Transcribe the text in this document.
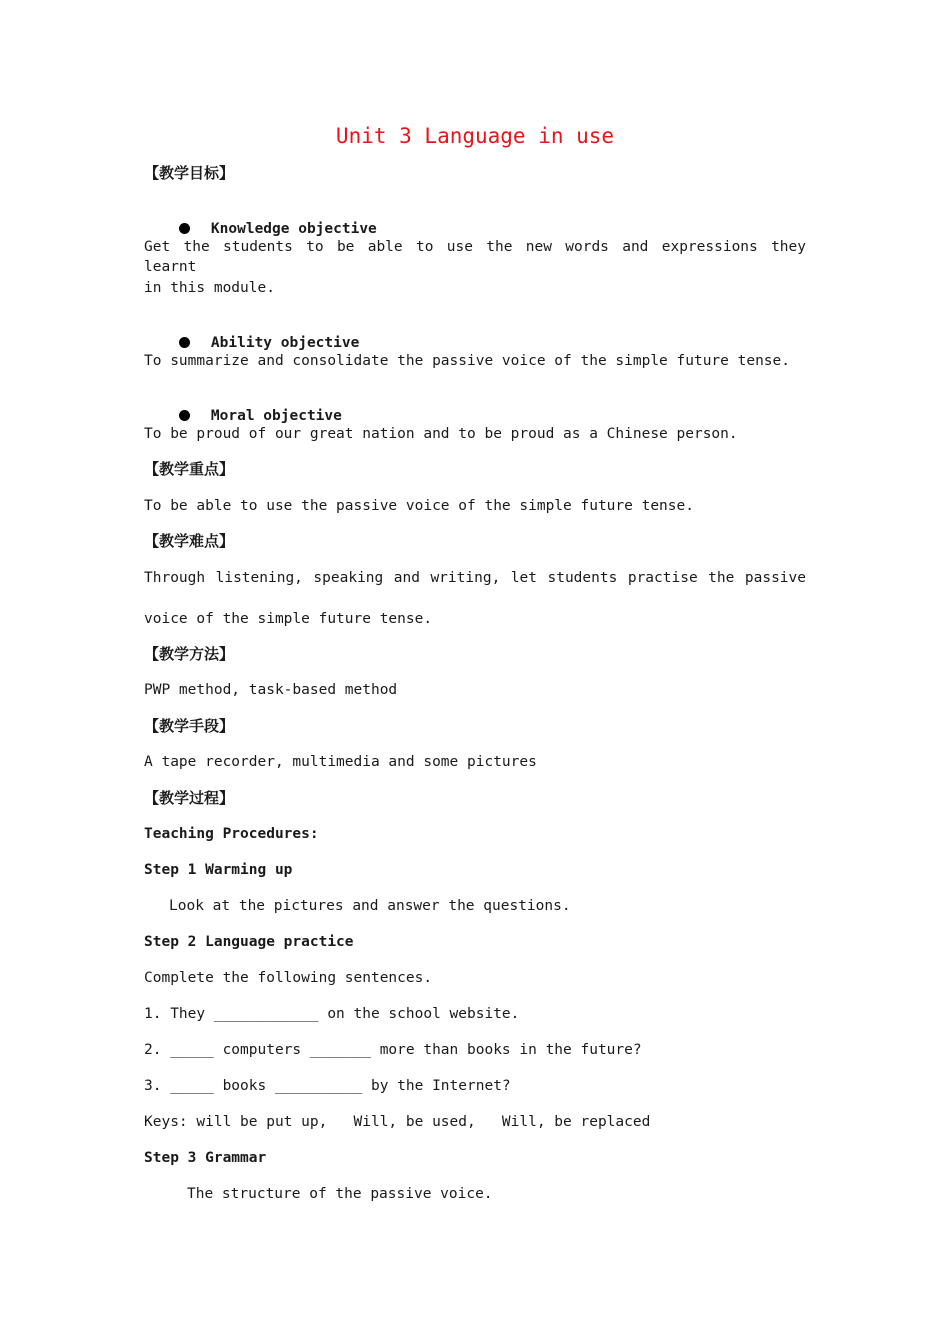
Unit 3 Language in use
【教学目标】

Knowledge objective

Get the students to be able to use the new words and expressions they learnt
in this module.

Ability objective

To summarize and consolidate the passive voice of the simple future tense.

Moral objective

To be proud of our great nation and to be proud as a Chinese person.
【教学重点】
To be able to use the passive voice of the simple future tense.
【教学难点】
Through listening, speaking and writing, let students practise the passive
voice of the simple future tense.
【教学方法】
PWP method, task-based method
【教学手段】
A tape recorder, multimedia and some pictures
【教学过程】
Teaching Procedures:
Step 1 Warming up
Look at the pictures and answer the questions.
Step 2 Language practice
Complete the following sentences.
1. They ____________ on the school website.
2. _____ computers _______ more than books in the future?
3. _____ books __________ by the Internet?
Keys: will be put up,   Will, be used,   Will, be replaced
Step 3 Grammar
The structure of the passive voice.
